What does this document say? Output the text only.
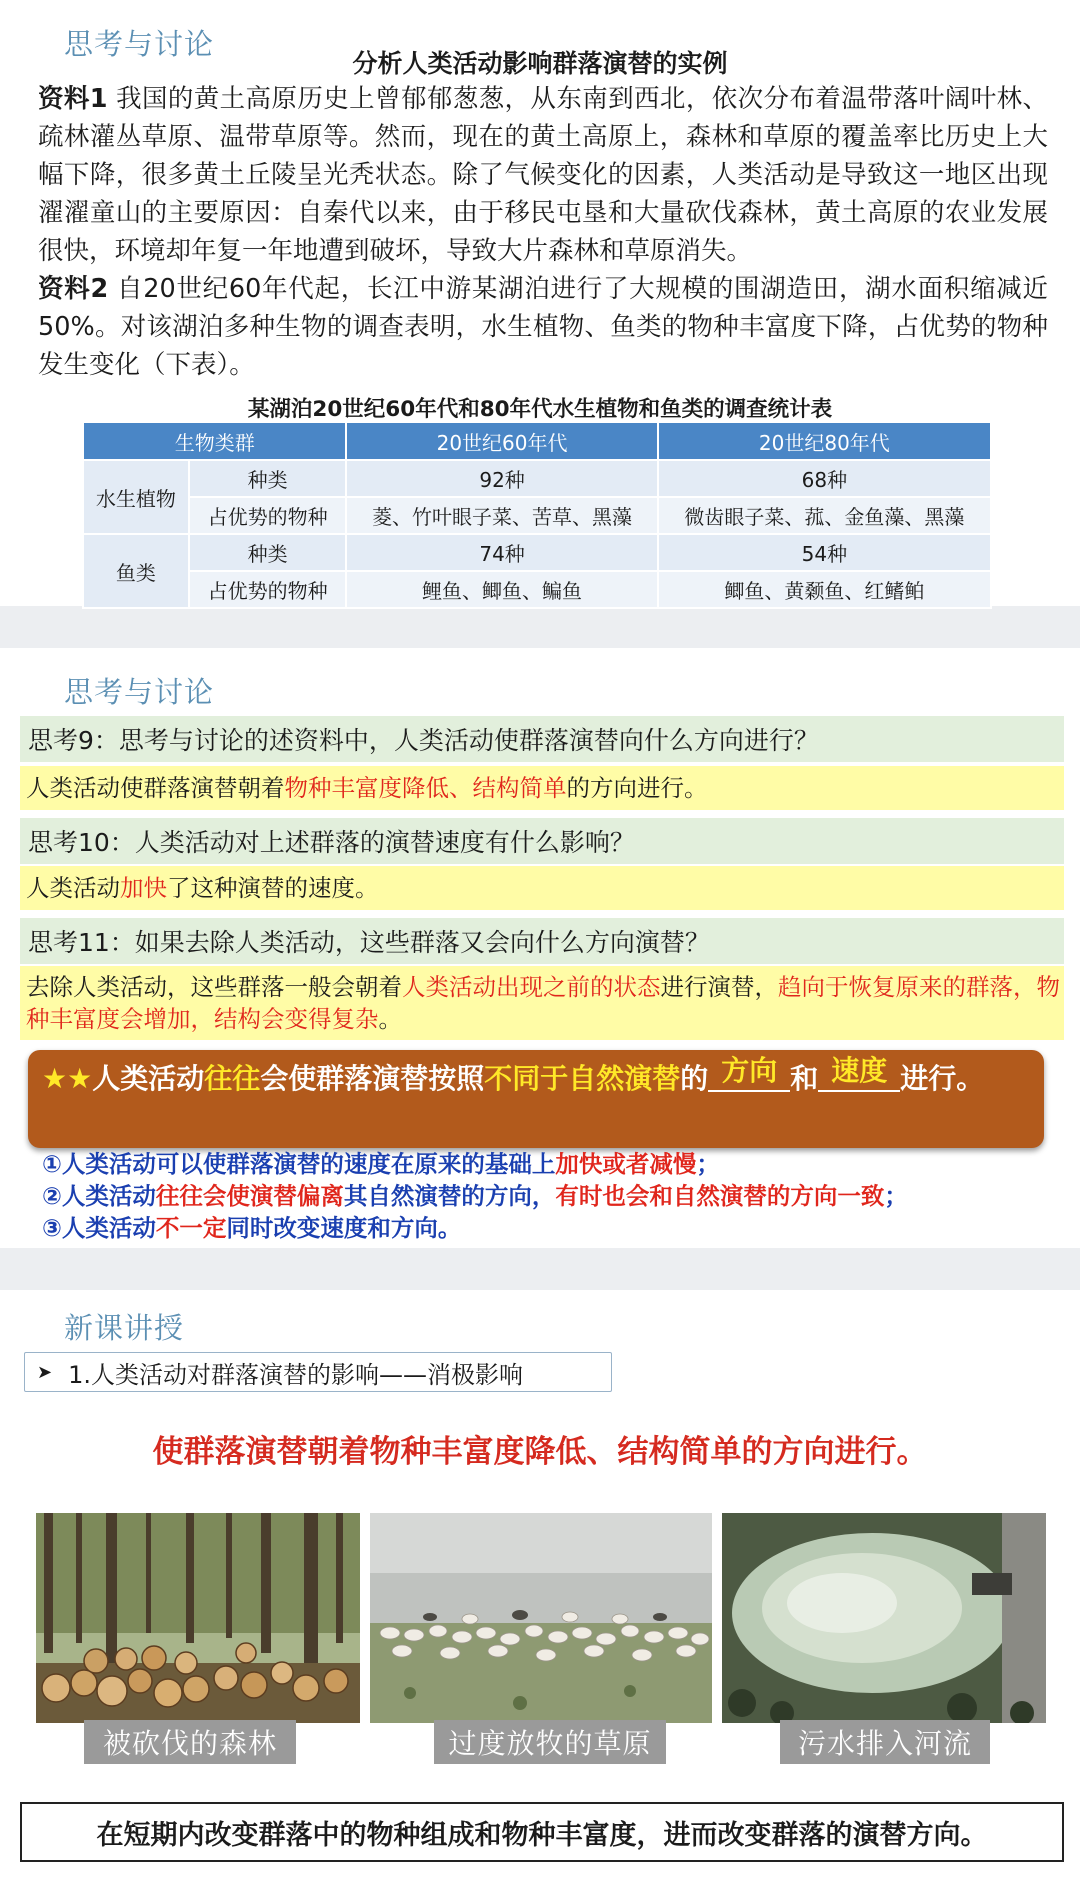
思考与讨论
分析人类活动影响群落演替的实例
资料1 我国的黄土高原历史上曾郁郁葱葱，从东南到西北，依次分布着温带落叶阔叶林、疏林灌丛草原、温带草原等。然而，现在的黄土高原上，森林和草原的覆盖率比历史上大幅下降，很多黄土丘陵呈光秃状态。除了气候变化的因素，人类活动是导致这一地区出现濯濯童山的主要原因：自秦代以来，由于移民屯垦和大量砍伐森林，黄土高原的农业发展很快，环境却年复一年地遭到破坏，导致大片森林和草原消失。
资料2 自20世纪60年代起，长江中游某湖泊进行了大规模的围湖造田，湖水面积缩减近50%。对该湖泊多种生物的调查表明，水生植物、鱼类的物种丰富度下降，占优势的物种发生变化（下表）。
某湖泊20世纪60年代和80年代水生植物和鱼类的调查统计表
生物类群		20世纪60年代	20世纪80年代
水生植物	种类	92种	68种
	占优势的物种	菱、竹叶眼子菜、苦草、黑藻	微齿眼子菜、菰、金鱼藻、黑藻
鱼类	种类	74种	54种
	占优势的物种	鲤鱼、鲫鱼、鳊鱼	鲫鱼、黄颡鱼、红鳍鲌
思考与讨论
思考9：思考与讨论的述资料中，人类活动使群落演替向什么方向进行？
人类活动使群落演替朝着物种丰富度降低、结构简单的方向进行。
思考10：人类活动对上述群落的演替速度有什么影响？
人类活动加快了这种演替的速度。
思考11：如果去除人类活动，这些群落又会向什么方向演替？
去除人类活动，这些群落一般会朝着人类活动出现之前的状态进行演替，趋向于恢复原来的群落，物种丰富度会增加，结构会变得复杂。
★★人类活动往往会使群落演替按照不同于自然演替的 方向 和 速度 进行。
①人类活动可以使群落演替的速度在原来的基础上加快或者减慢；
②人类活动往往会使演替偏离其自然演替的方向，有时也会和自然演替的方向一致；
③人类活动不一定同时改变速度和方向。
新课讲授
➤ 1.人类活动对群落演替的影响——消极影响
使群落演替朝着物种丰富度降低、结构简单的方向进行。
被砍伐的森林	过度放牧的草原	污水排入河流
在短期内改变群落中的物种组成和物种丰富度，进而改变群落的演替方向。
